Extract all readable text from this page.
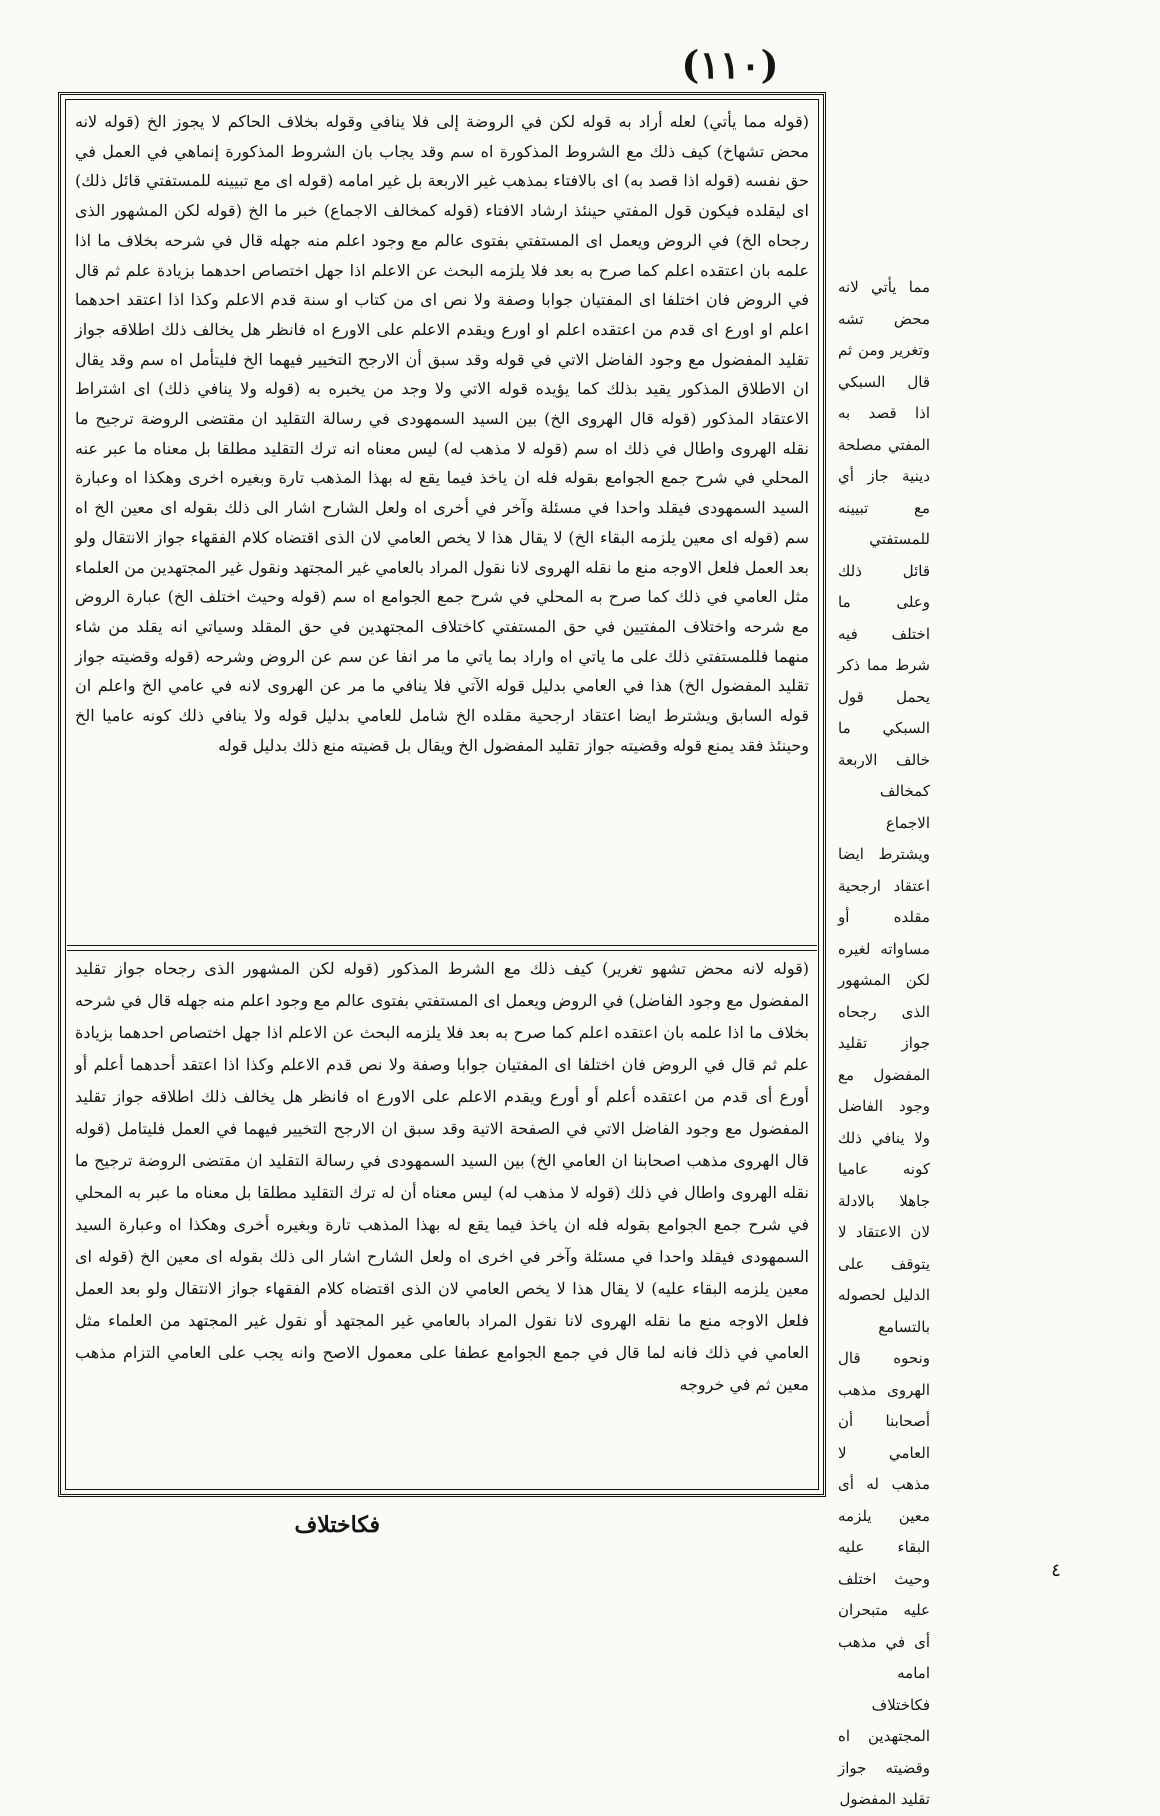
(١١٠)
(قوله مما يأتي) لعله أراد به قوله لكن في الروضة إلى فلا ينافي وقوله بخلاف الحاكم لا يجوز الخ (قوله لانه محض تشهاخ) كيف ذلك مع الشروط المذكورة اه سم وقد يجاب بان الشروط المذكورة إنماهي في العمل في حق نفسه (قوله اذا قصد به) اى بالافتاء بمذهب غير الاربعة بل غير امامه (قوله اى مع تبيينه للمستفتي قائل ذلك) اى ليقلده فيكون قول المفتي حينئذ ارشاد الافتاء (قوله كمخالف الاجماع) خبر ما الخ (قوله لكن المشهور الذى رجحاه الخ) في الروض ويعمل اى المستفتي بفتوى عالم مع وجود اعلم منه جهله قال في شرحه بخلاف ما اذا علمه بان اعتقده اعلم كما صرح به بعد فلا يلزمه البحث عن الاعلم اذا جهل اختصاص احدهما بزيادة علم ثم قال في الروض فان اختلفا اى المفتيان جوابا وصفة ولا نص اى من كتاب او سنة قدم الاعلم وكذا اذا اعتقد احدهما اعلم او اورع اى قدم من اعتقده اعلم او اورع ويقدم الاعلم على الاورع اه فانظر هل يخالف ذلك اطلاقه جواز تقليد المفضول مع وجود الفاضل الاتي في قوله وقد سبق أن الارجح التخيير فيهما الخ فليتأمل اه سم وقد يقال ان الاطلاق المذكور يقيد بذلك كما يؤيده قوله الاتي ولا وجد من يخبره به (قوله ولا ينافي ذلك) اى اشتراط الاعتقاد المذكور (قوله قال الهروى الخ) بين السيد السمهودى في رسالة التقليد ان مقتضى الروضة ترجيح ما نقله الهروى واطال في ذلك اه سم (قوله لا مذهب له) ليس معناه انه ترك التقليد مطلقا بل معناه ما عبر عنه المحلي في شرح جمع الجوامع بقوله فله ان ياخذ فيما يقع له بهذا المذهب تارة وبغيره اخرى وهكذا اه وعبارة السيد السمهودى فيقلد واحدا في مسئلة وآخر في أخرى اه ولعل الشارح اشار الى ذلك بقوله اى معين الخ اه سم (قوله اى معين يلزمه البقاء الخ) لا يقال هذا لا يخص العامي لان الذى اقتضاه كلام الفقهاء جواز الانتقال ولو بعد العمل فلعل الاوجه منع ما نقله الهروى لانا نقول المراد بالعامي غير المجتهد ونقول غير المجتهدين من العلماء مثل العامي في ذلك كما صرح به المحلي في شرح جمع الجوامع اه سم (قوله وحيث اختلف الخ) عبارة الروض مع شرحه واختلاف المفتيين في حق المستفتي كاختلاف المجتهدين في حق المقلد وسياتي انه يقلد من شاء منهما فللمستفتي ذلك على ما ياتي اه واراد بما ياتي ما مر انفا عن سم عن الروض وشرحه (قوله وقضيته جواز تقليد المفضول الخ) هذا في العامي بدليل قوله الآتي فلا ينافي ما مر عن الهروى لانه في عامي الخ واعلم ان قوله السابق ويشترط ايضا اعتقاد ارجحية مقلده الخ شامل للعامي بدليل قوله ولا ينافي ذلك كونه عاميا الخ وحينئذ فقد يمنع قوله وقضيته جواز تقليد المفضول الخ ويقال بل قضيته منع ذلك بدليل قوله
(قوله لانه محض تشهو تغرير) كيف ذلك مع الشرط المذكور (قوله لكن المشهور الذى رجحاه جواز تقليد المفضول مع وجود الفاضل) في الروض ويعمل اى المستفتي بفتوى عالم مع وجود اعلم منه جهله قال في شرحه بخلاف ما اذا علمه بان اعتقده اعلم كما صرح به بعد فلا يلزمه البحث عن الاعلم اذا جهل اختصاص احدهما بزيادة علم ثم قال في الروض فان اختلفا اى المفتيان جوابا وصفة ولا نص قدم الاعلم وكذا اذا اعتقد أحدهما أعلم أو أورع أى قدم من اعتقده أعلم أو أورع ويقدم الاعلم على الاورع اه فانظر هل يخالف ذلك اطلاقه جواز تقليد المفضول مع وجود الفاضل الاتي في الصفحة الاتية وقد سبق ان الارجح التخيير فيهما في العمل فليتامل (قوله قال الهروى مذهب اصحابنا ان العامي الخ) بين السيد السمهودى في رسالة التقليد ان مقتضى الروضة ترجيح ما نقله الهروى واطال في ذلك (قوله لا مذهب له) ليس معناه أن له ترك التقليد مطلقا بل معناه ما عبر به المحلي في شرح جمع الجوامع بقوله فله ان ياخذ فيما يقع له بهذا المذهب تارة وبغيره أخرى وهكذا اه وعبارة السيد السمهودى فيقلد واحدا في مسئلة وآخر في اخرى اه ولعل الشارح اشار الى ذلك بقوله اى معين الخ (قوله اى معين يلزمه البقاء عليه) لا يقال هذا لا يخص العامي لان الذى اقتضاه كلام الفقهاء جواز الانتقال ولو بعد العمل فلعل الاوجه منع ما نقله الهروى لانا نقول المراد بالعامي غير المجتهد أو نقول غير المجتهد من العلماء مثل العامي في ذلك فانه لما قال في جمع الجوامع عطفا على معمول الاصح وانه يجب على العامي التزام مذهب معين ثم في خروجه
مما يأتي لانه محض تشه وتغرير ومن ثم قال السبكي اذا قصد به المفتي مصلحة دينية جاز أي مع تبيينه للمستفتي قائل ذلك وعلى ما اختلف فيه شرط مما ذكر يحمل قول السبكي ما خالف الاربعة كمخالف الاجماع ويشترط ايضا اعتقاد ارجحية مقلده أو مساواته لغيره لكن المشهور الذى رجحاه جواز تقليد المفضول مع وجود الفاضل ولا ينافي ذلك كونه عاميا جاهلا بالادلة لان الاعتقاد لا يتوقف على الدليل لحصوله بالتسامع ونحوه قال الهروى مذهب أصحابنا أن العامي لا مذهب له أى معين يلزمه البقاء عليه وحيث اختلف عليه متبحران أى في مذهب امامه فكاختلاف المجتهدين اه وقضيته جواز تقليد المفضول
فكاختلاف
٤
